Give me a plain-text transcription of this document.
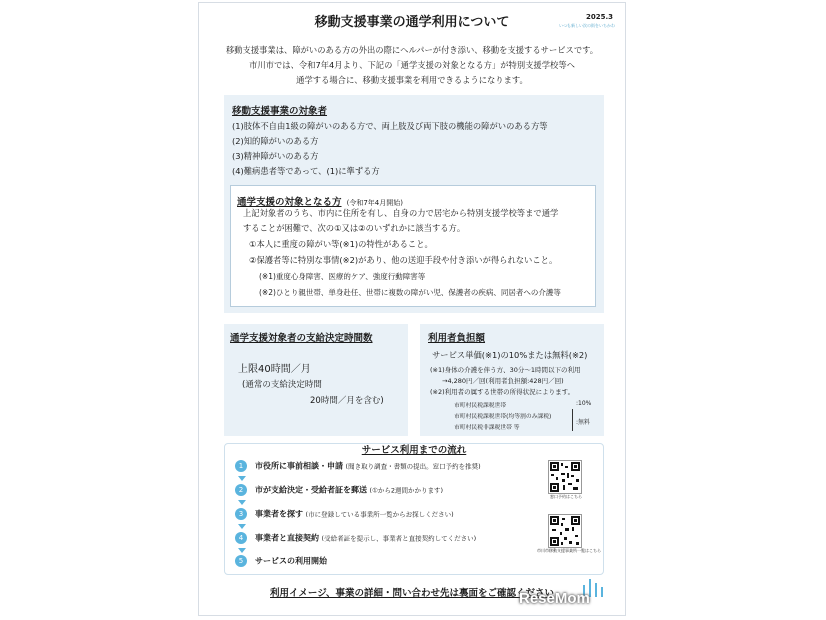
移動支援事業の通学利用について	2025.3
いつも新しい次の街をいちかわ
移動支援事業は、障がいのある方の外出の際にヘルパーが付き添い、移動を支援するサービスです。
市川市では、令和7年4月より、下記の「通学支援の対象となる方」が特別支援学校等へ
通学する場合に、移動支援事業を利用できるようになります。
移動支援事業の対象者
(1)肢体不自由1級の障がいのある方で、両上肢及び両下肢の機能の障がいのある方等
(2)知的障がいのある方
(3)精神障がいのある方
(4)難病患者等であって、(1)に準ずる方
通学支援の対象となる方 (令和7年4月開始)
上記対象者のうち、市内に住所を有し、自身の力で居宅から特別支援学校等まで通学
することが困難で、次の①又は②のいずれかに該当する方。
①本人に重度の障がい等(※1)の特性があること。
②保護者等に特別な事情(※2)があり、他の送迎手段や付き添いが得られないこと。
(※1)重度心身障害、医療的ケア、強度行動障害等
(※2)ひとり親世帯、単身赴任、世帯に複数の障がい児、保護者の疾病、同居者への介護等
通学支援対象者の支給決定時間数
上限40時間／月
(通常の支給決定時間
20時間／月を含む)
利用者負担額
サービス単価(※1)の10%または無料(※2)
(※1)身体の介護を伴う方、30分～1時間以下の利用
→4,280円／回(利用者負担額:428円／回)
(※2)利用者の属する世帯の所得状況によります。
市町村民税課税世帯	:10%
市町村民税課税世帯(均等割のみ課税)
市町村民税非課税世帯 等
:無料
サービス利用までの流れ
1 市役所に事前相談・申請 (聞き取り調査・書類の提出。窓口予約を推奨)
2 市が支給決定・受給者証を郵送 (①から2週間かかります)
3 事業者を探す (市に登録している事業所一覧からお探しください)
4 事業者と直接契約 (受給者証を提示し、事業者と直接契約してください)
5 サービスの利用開始
窓口予約はこちら
市川市移動支援事業所一覧はこちら
利用イメージ、事業の詳細・問い合わせ先は裏面をご確認ください
ReseMom
